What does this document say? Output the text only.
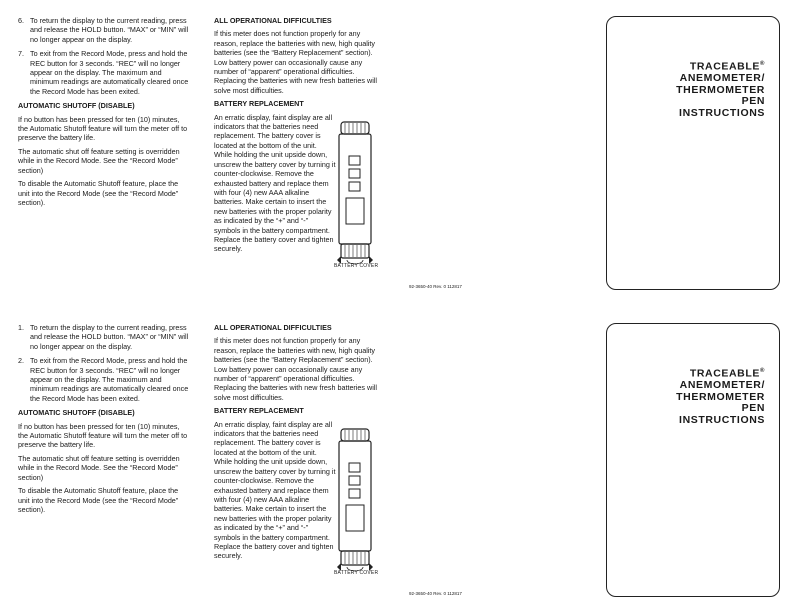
6. To return the display to the current reading, press and release the HOLD button. “MAX” or “MIN” will no longer appear on the display.
7. To exit from the Record Mode, press and hold the REC button for 3 seconds. “REC” will no longer appear on the display. The maximum and minimum readings are automatically cleared once the Record Mode has been exited.

AUTOMATIC SHUTOFF (DISABLE)

If no button has been pressed for ten (10) minutes, the Automatic Shutoff feature will turn the meter off to preserve the battery life.

The automatic shut off feature setting is overridden while in the Record Mode. See the “Record Mode” section)

To disable the Automatic Shutoff feature, place the unit into the Record Mode (see the “Record Mode” section).

ALL OPERATIONAL DIFFICULTIES

If this meter does not function properly for any reason, replace the batteries with new, high quality batteries (see the “Battery Replacement” section). Low battery power can occasionally cause any number of “apparent” operational difficulties. Replacing the batteries with new fresh batteries will solve most difficulties.

BATTERY REPLACEMENT

An erratic display, faint display are all indicators that the batteries need replacement. The battery cover is located at the bottom of the unit. While holding the unit upside down, unscrew the battery cover by turning it counter-clockwise. Remove the exhausted battery and replace them with four (4) new AAA alkaline batteries. Make certain to insert the new batteries with the proper polarity as indicated by the “+” and “-” symbols in the battery compartment. Replace the battery cover and tighten securely.

BATTERY COVER
92-3650-40 Rev. 0 112817
TRACEABLE®
ANEMOMETER/
THERMOMETER
PEN
INSTRUCTIONS
1. To return the display to the current reading, press and release the HOLD button. “MAX” or “MIN” will no longer appear on the display.
2. To exit from the Record Mode, press and hold the REC button for 3 seconds. “REC” will no longer appear on the display. The maximum and minimum readings are automatically cleared once the Record Mode has been exited.

AUTOMATIC SHUTOFF (DISABLE)

If no button has been pressed for ten (10) minutes, the Automatic Shutoff feature will turn the meter off to preserve the battery life.

The automatic shut off feature setting is overridden while in the Record Mode. See the “Record Mode” section)

To disable the Automatic Shutoff feature, place the unit into the Record Mode (see the “Record Mode” section).

ALL OPERATIONAL DIFFICULTIES

If this meter does not function properly for any reason, replace the batteries with new, high quality batteries (see the “Battery Replacement” section). Low battery power can occasionally cause any number of “apparent” operational difficulties. Replacing the batteries with new fresh batteries will solve most difficulties.

BATTERY REPLACEMENT

An erratic display, faint display are all indicators that the batteries need replacement. The battery cover is located at the bottom of the unit. While holding the unit upside down, unscrew the battery cover by turning it counter-clockwise. Remove the exhausted battery and replace them with four (4) new AAA alkaline batteries. Make certain to insert the new batteries with the proper polarity as indicated by the “+” and “-” symbols in the battery compartment. Replace the battery cover and tighten securely.

BATTERY COVER
92-3650-40 Rev. 0 112817
TRACEABLE®
ANEMOMETER/
THERMOMETER
PEN
INSTRUCTIONS
